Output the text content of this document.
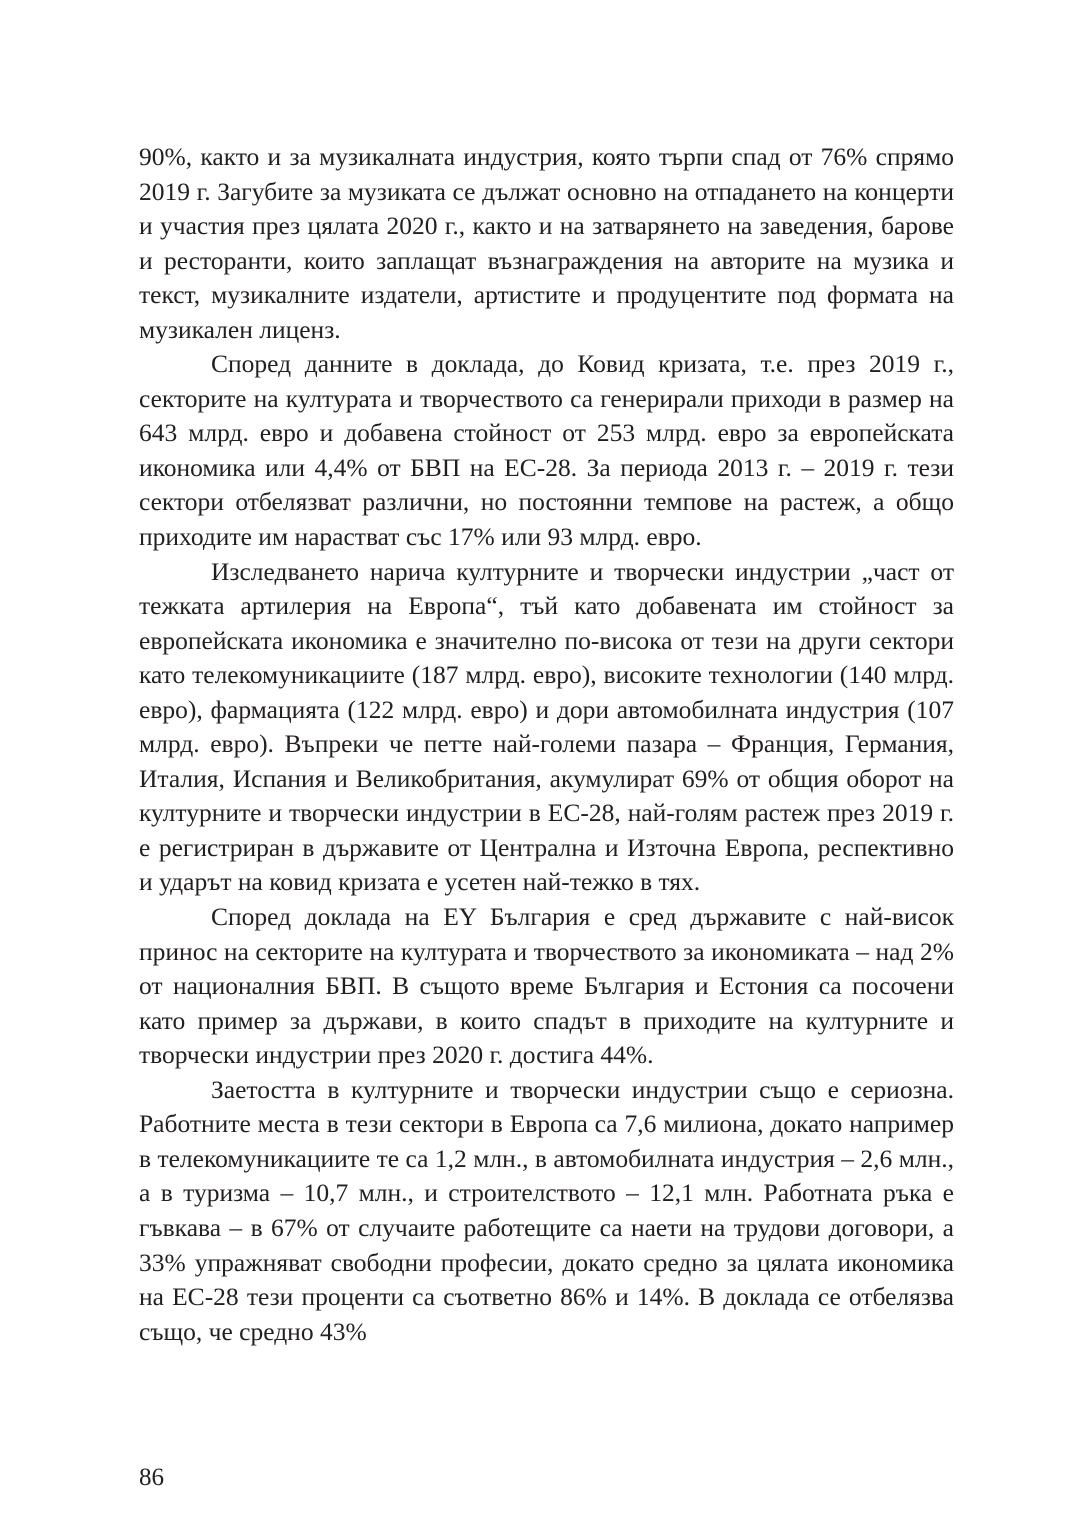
90%, както и за музикалната индустрия, която търпи спад от 76% спрямо 2019 г. Загубите за музиката се дължат основно на отпадането на концерти и участия през цялата 2020 г., както и на затварянето на заведения, барове и ресторанти, които заплащат възнаграждения на авторите на музика и текст, музикалните издатели, артистите и продуцентите под формата на музикален лиценз.

Според данните в доклада, до Ковид кризата, т.е. през 2019 г., секторите на културата и творчеството са генерирали приходи в размер на 643 млрд. евро и добавена стойност от 253 млрд. евро за европейската икономика или 4,4% от БВП на ЕС-28. За периода 2013 г. – 2019 г. тези сектори отбелязват различни, но постоянни темпове на растеж, а общо приходите им нарастват със 17% или 93 млрд. евро.

Изследването нарича културните и творчески индустрии „част от тежката артилерия на Европа“, тъй като добавената им стойност за европейската икономика е значително по-висока от тези на други сектори като телекомуникациите (187 млрд. евро), високите технологии (140 млрд. евро), фармацията (122 млрд. евро) и дори автомобилната индустрия (107 млрд. евро). Въпреки че петте най-големи пазара – Франция, Германия, Италия, Испания и Великобритания, акумулират 69% от общия оборот на културните и творчески индустрии в ЕС-28, най-голям растеж през 2019 г. е регистриран в държавите от Централна и Източна Европа, респективно и ударът на ковид кризата е усетен най-тежко в тях.

Според доклада на EY България е сред държавите с най-висок принос на секторите на културата и творчеството за икономиката – над 2% от националния БВП. В същото време България и Естония са посочени като пример за държави, в които спадът в приходите на културните и творчески индустрии през 2020 г. достига 44%.

Заетостта в културните и творчески индустрии също е сериозна. Работните места в тези сектори в Европа са 7,6 милиона, докато например в телекомуникациите те са 1,2 млн., в автомобилната индустрия – 2,6 млн., а в туризма – 10,7 млн., и строителството – 12,1 млн. Работната ръка е гъвкава – в 67% от случаите работещите са наети на трудови договори, а 33% упражняват свободни професии, докато средно за цялата икономика на ЕС-28 тези проценти са съответно 86% и 14%. В доклада се отбелязва също, че средно 43%

86
